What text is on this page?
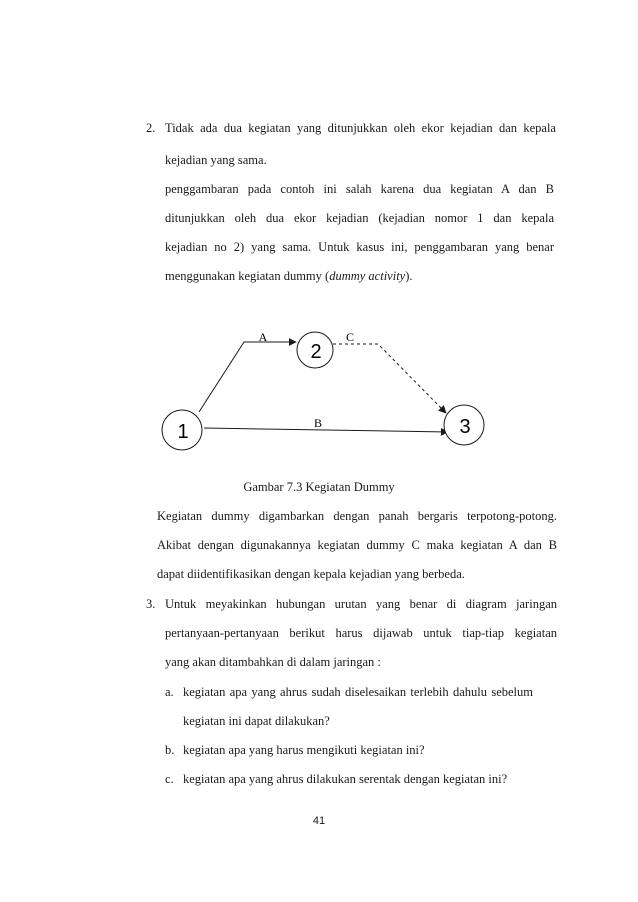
2. Tidak ada dua kegiatan yang ditunjukkan oleh ekor kejadian dan kepala
kejadian yang sama.
penggambaran pada contoh ini salah karena dua kegiatan A dan B
ditunjukkan oleh dua ekor kejadian (kejadian nomor 1 dan kepala
kejadian no 2) yang sama. Untuk kasus ini, penggambaran yang benar
menggunakan kegiatan dummy (dummy activity).
1
2
3
A
B
C
Gambar 7.3 Kegiatan Dummy
Kegiatan dummy digambarkan dengan panah bergaris terpotong-potong.
Akibat dengan digunakannya kegiatan dummy C maka kegiatan A dan B
dapat diidentifikasikan dengan kepala kejadian yang berbeda.
3. Untuk meyakinkan hubungan urutan yang benar di diagram jaringan
pertanyaan-pertanyaan berikut harus dijawab untuk tiap-tiap kegiatan
yang akan ditambahkan di dalam jaringan :
a. kegiatan apa yang ahrus sudah diselesaikan terlebih dahulu sebelum
kegiatan ini dapat dilakukan?
b. kegiatan apa yang harus mengikuti kegiatan ini?
c. kegiatan apa yang ahrus dilakukan serentak dengan kegiatan ini?
41
